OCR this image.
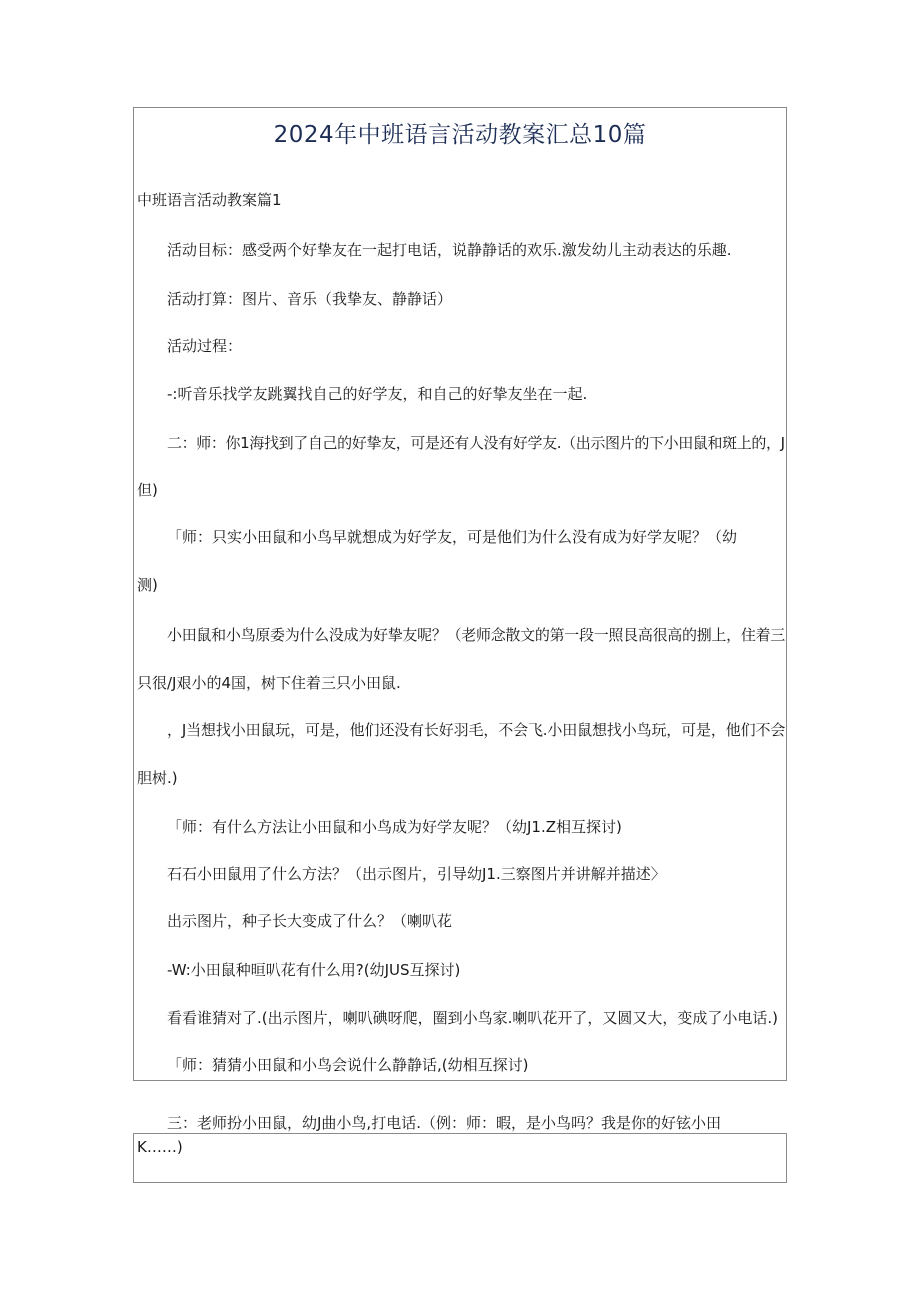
2024年中班语言活动教案汇总10篇
中班语言活动教案篇1
活动目标：感受两个好挚友在一起打电话，说静静话的欢乐.激发幼儿主动表达的乐趣.
活动打算：图片、音乐（我挚友、静静话）
活动过程：
-:听音乐找学友跳翼找自己的好学友，和自己的好挚友坐在一起.
二：师：你1海找到了自己的好挚友，可是还有人没有好学友.（出示图片的下小田鼠和斑上的，J
但)
「师：只实小田鼠和小鸟早就想成为好学友，可是他们为什么没有成为好学友呢？（幼
测)
小田鼠和小鸟原委为什么没成为好挚友呢？（老师念散文的第一段一照艮高很高的捌上，住着三
只很/J艰小的4国，树下住着三只小田鼠.
，J当想找小田鼠玩，可是，他们还没有长好羽毛，不会飞.小田鼠想找小鸟玩，可是，他们不会
胆树.)
「师：有什么方法让小田鼠和小鸟成为好学友呢？（幼J1.Z相互探讨)
石石小田鼠用了什么方法？（出示图片，引导幼J1.三察图片并讲解并描述〉
出示图片，种子长大变成了什么？（喇叭花
-W:小田鼠种晅叭花有什么用?(幼JUS互探讨)
看看谁猜对了.(出示图片，喇叭碘呀爬，圈到小鸟家.喇叭花开了，又圆又大，变成了小电话.)
「师：猜猜小田鼠和小鸟会说什么静静话,(幼相互探讨)
三：老师扮小田鼠，幼J曲小鸟,打电话.（例：师：暇，是小鸟吗？我是你的好铉小田
K……)
